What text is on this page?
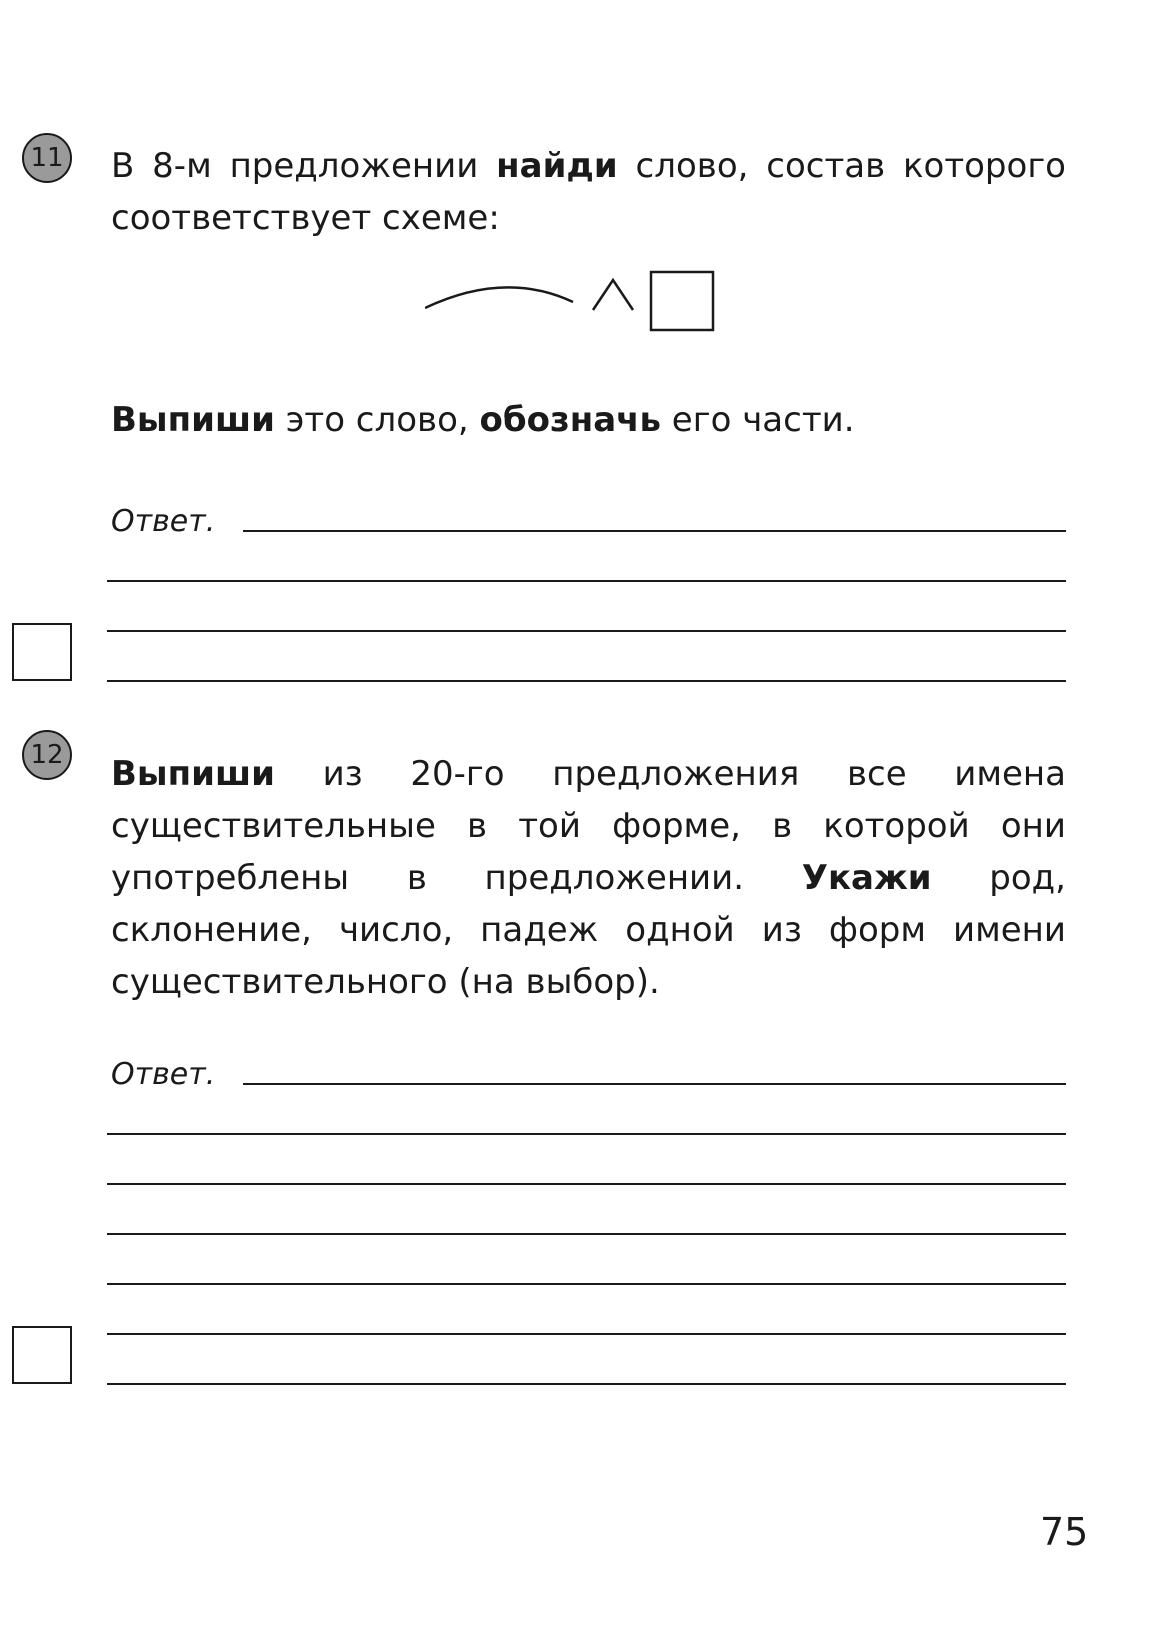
11 В 8-м предложении найди слово, состав которого соответствует схеме:
Выпиши это слово, обозначь его части.
Ответ.
12 Выпиши из 20-го предложения все имена существительные в той форме, в которой они употреблены в предложении. Укажи род, склонение, число, падеж одной из форм имени существительного (на выбор).
Ответ.
75
